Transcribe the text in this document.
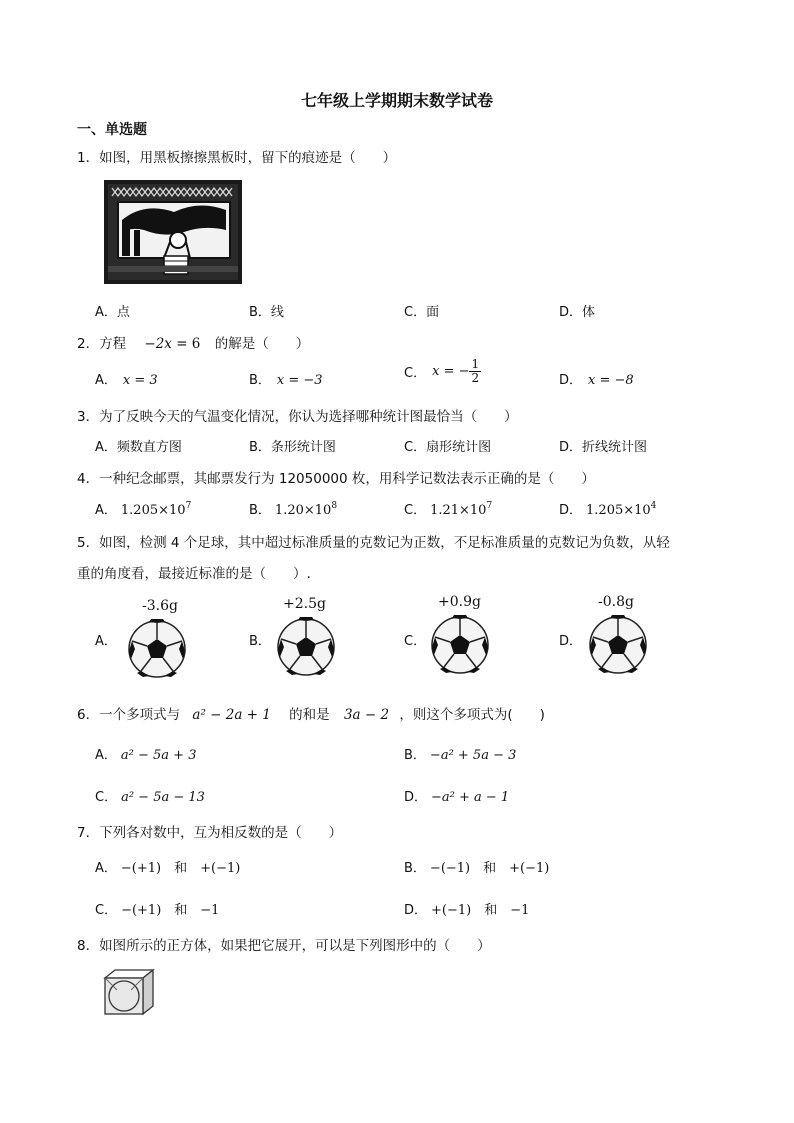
七年级上学期期末数学试卷
一、单选题
1．如图，用黑板擦擦黑板时，留下的痕迹是（　　）
A．点	B．线	C．面	D．体
2．方程 −2x = 6 的解是（　　）
A． x = 3	B． x = −3	C． x = − $\frac{1}{2}$	D． x = −8
3．为了反映今天的气温变化情况，你认为选择哪种统计图最恰当（　　）
A．频数直方图	B．条形统计图	C．扇形统计图	D．折线统计图
4．一种纪念邮票，其邮票发行为 12050000 枚，用科学记数法表示正确的是（　　）
A． $1.205\times 10^7$	B． $1.20\times 10^8$	C． $1.21\times 10^7$	D． $1.205\times 10^4$
5．如图，检测 4 个足球，其中超过标准质量的克数记为正数，不足标准质量的克数记为负数，从轻
重的角度看，最接近标准的是（　　）.
A．	B．	C．	D．
-3.6g	+2.5g	+0.9g	-0.8g
6．一个多项式与 a² − 2a + 1 的和是 3a − 2 ，则这个多项式为(　　)
A． a² − 5a + 3	B． −a² + 5a − 3
C． a² − 5a − 13	D． −a² + a − 1
7．下列各对数中，互为相反数的是（　　）
A． −(+1)　和　+(−1)	B． −(−1)　和　+(−1)
C． −(+1)　和　−1	D． +(−1)　和　−1
8．如图所示的正方体，如果把它展开，可以是下列图形中的（　　）
